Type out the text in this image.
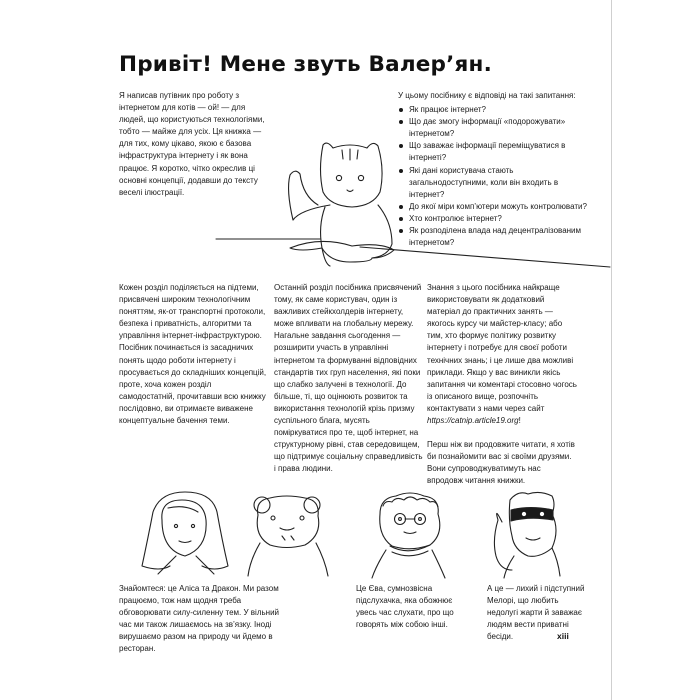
Привіт! Мене звуть Валер’ян.

Я написав путівник про роботу з інтернетом для котів — ой! — для людей, що користуються технологіями, тобто — майже для усіх. Ця книжка — для тих, кому цікаво, якою є базова інфраструктура інтернету і як вона працює. Я коротко, чітко окреслив ці основні концепції, додавши до тексту веселі ілюстрації.

У цьому посібнику є відповіді на такі запитання:

Як працює інтернет?
Що дає змогу інформації «подорожувати» інтернетом?
Що заважає інформації переміщуватися в інтернеті?
Які дані користувача стають загальнодоступними, коли він входить в інтернет?
До якої міри комп’ютери можуть контролювати?
Хто контролює інтернет?
Як розподілена влада над децентралізованим інтернетом?

Кожен розділ поділяється на підтеми, присвячені широким технологічним поняттям, як-от транспортні протоколи, безпека і приватність, алгоритми та управління інтернет-інфраструктурою. Посібник починається із засадничих понять щодо роботи інтернету і просувається до складніших концепцій, проте, хоча кожен розділ самодостатній, прочитавши всю книжку послідовно, ви отримаєте виважене концептуальне бачення теми.

Останній розділ посібника присвячений тому, як саме користувач, один із важливих стейкхолдерів інтернету, може впливати на глобальну мережу. Нагальне завдання сьогодення — розширити участь в управлінні інтернетом та формуванні відповідних стандартів тих груп населення, які поки що слабко залучені в технології. До більше, ті, що оцінюють розвиток та використання технологій крізь призму суспільного блага, мусять поміркуватися про те, щоб інтернет, на структурному рівні, став середовищем, що підтримує соціальну справедливість і права людини.

Знання з цього посібника найкраще використовувати як додатковий матеріал до практичних занять — якогось курсу чи майстер-класу; або тим, хто формує політику розвитку інтернету і потребує для своєї роботи технічних знань; і це лише два можливі приклади. Якщо у вас виникли якісь запитання чи коментарі стосовно чогось із описаного вище, розпочніть контактувати з нами через сайт https://catnip.article19.org!

Перш ніж ви продовжите читати, я хотів би познайомити вас зі своїми друзями. Вони супроводжуватимуть нас впродовж читання книжки.

Знайомтеся: це Аліса та Дракон. Ми разом працюємо, тож нам щодня треба обговорювати силу-силенну тем. У вільний час ми також лишаємось на зв’язку. Іноді вирушаємо разом на природу чи йдемо в ресторан.

Це Єва, сумнозвісна підслухачка, яка обожнює увесь час слухати, про що говорять між собою інші.

А це — лихий і підступний Мелорі, що любить недолугі жарти й заважає людям вести приватні бесіди.	xiii
